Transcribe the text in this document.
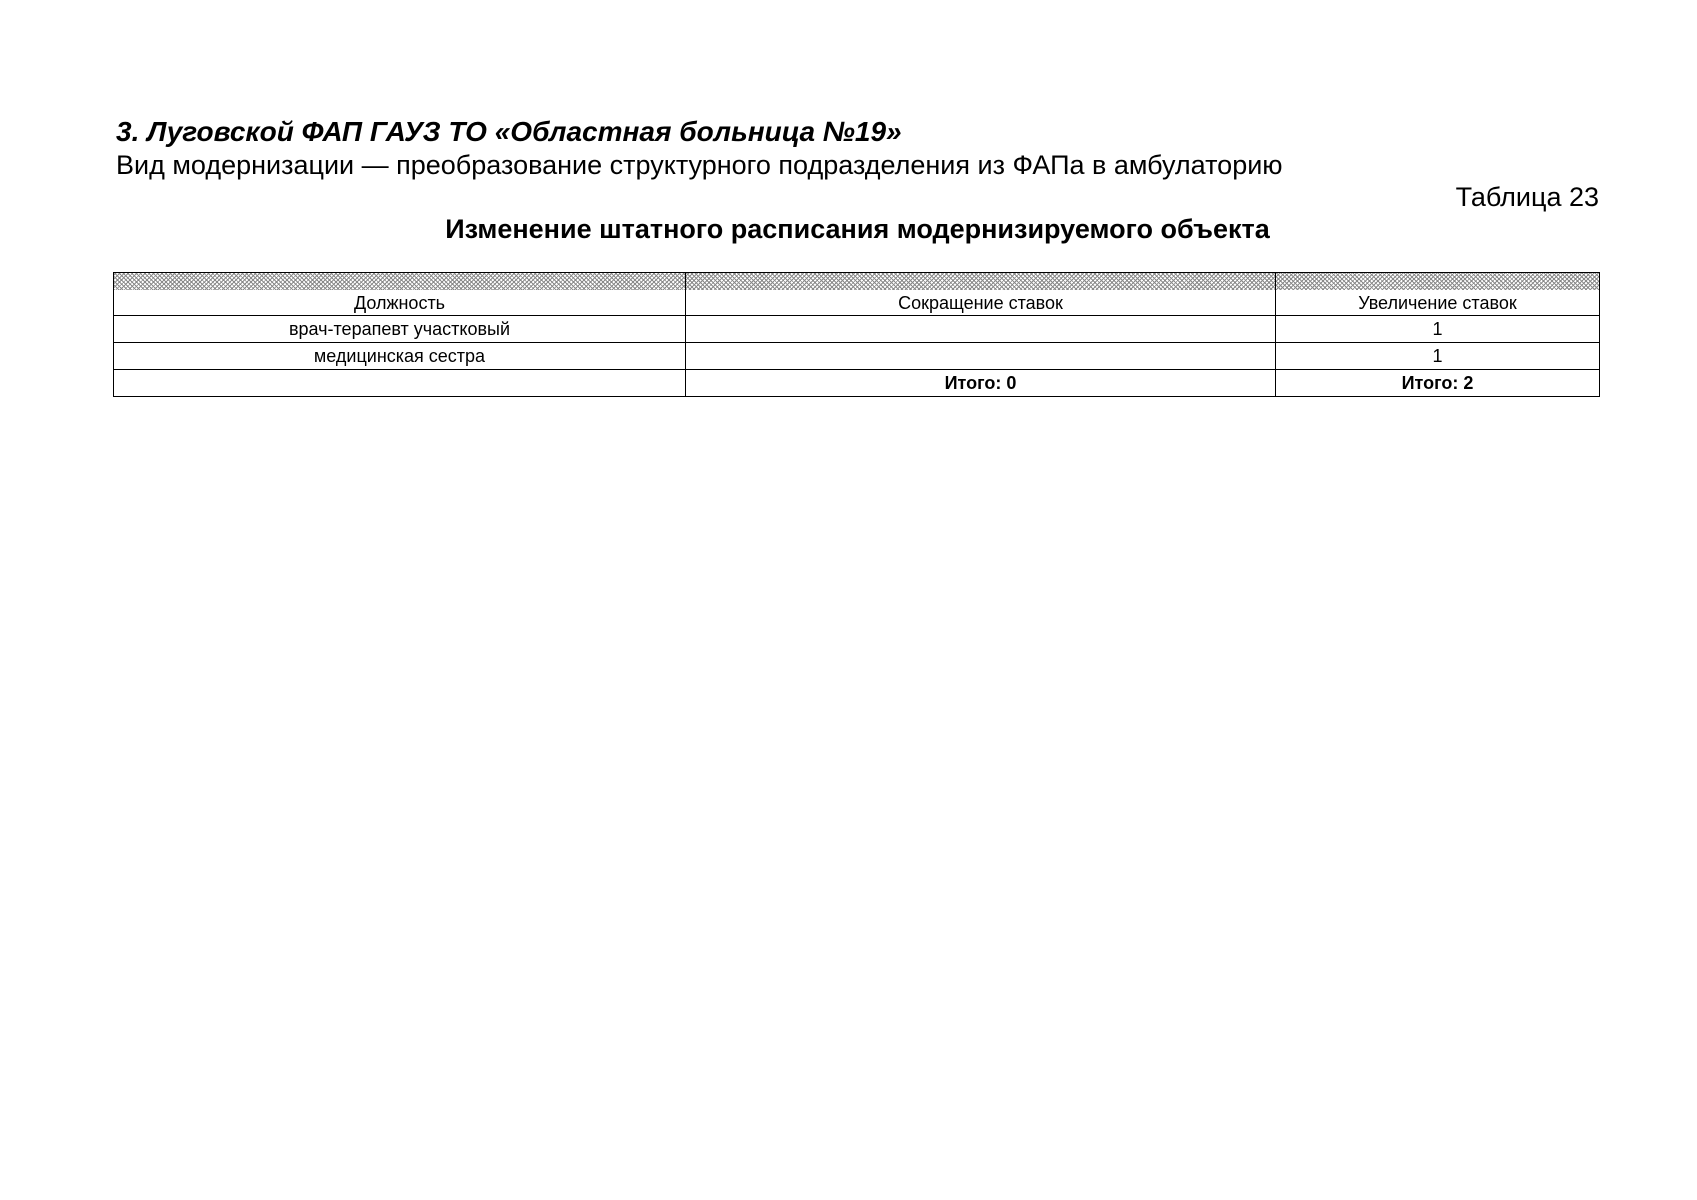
3. Луговской ФАП ГАУЗ ТО «Областная больница №19»
Вид модернизации — преобразование структурного подразделения из ФАПа в амбулаторию
Таблица 23
Изменение штатного расписания модернизируемого объекта
Должность	Сокращение ставок	Увеличение ставок
врач-терапевт участковый		1
медицинская сестра		1
	Итого: 0	Итого: 2
